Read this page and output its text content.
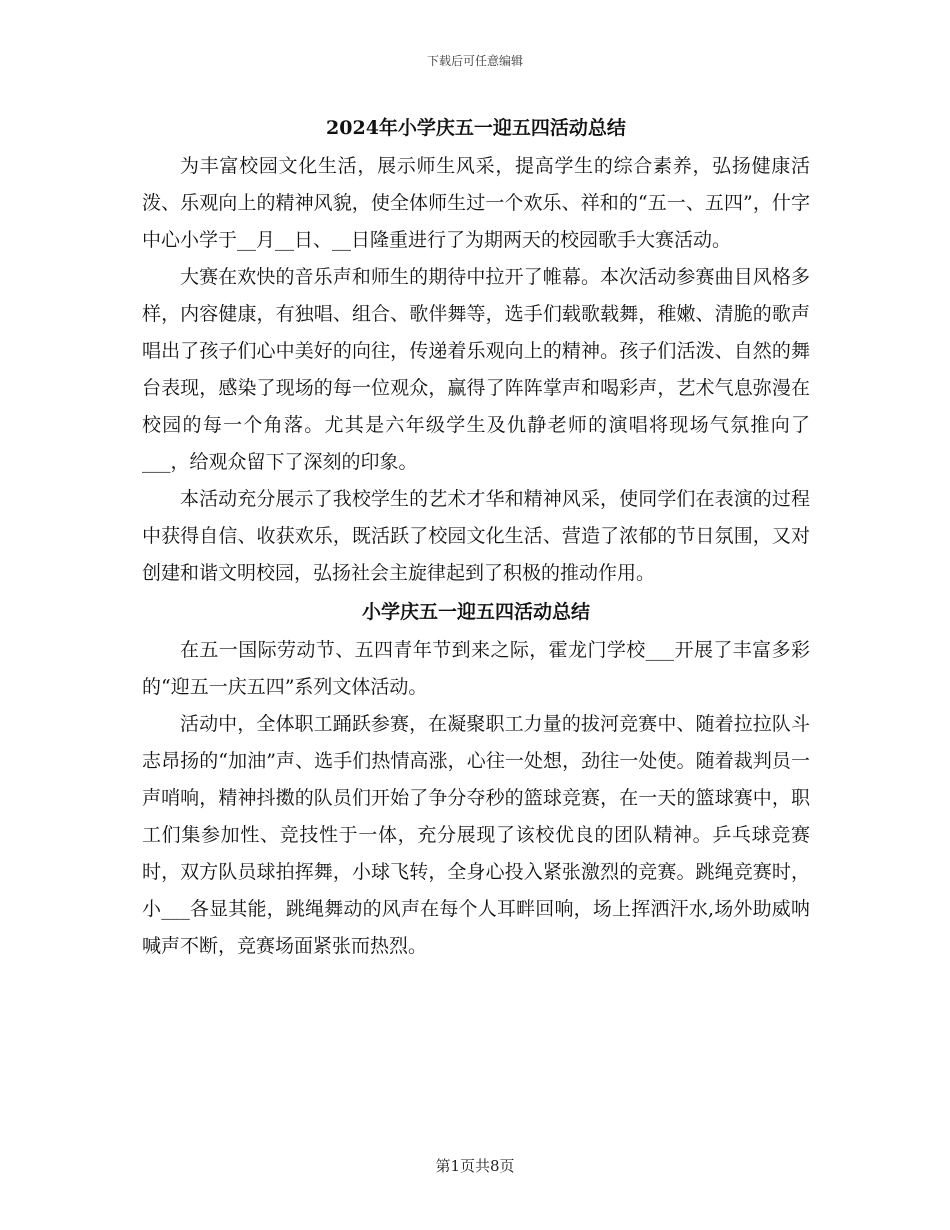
下载后可任意编辑
2024年小学庆五一迎五四活动总结

为丰富校园文化生活，展示师生风采，提高学生的综合素养，弘扬健康活泼、乐观向上的精神风貌，使全体师生过一个欢乐、祥和的“五一、五四”，什字中心小学于__月__日、__日隆重进行了为期两天的校园歌手大赛活动。

大赛在欢快的音乐声和师生的期待中拉开了帷幕。本次活动参赛曲目风格多样，内容健康，有独唱、组合、歌伴舞等，选手们载歌载舞，稚嫩、清脆的歌声唱出了孩子们心中美好的向往，传递着乐观向上的精神。孩子们活泼、自然的舞台表现，感染了现场的每一位观众，赢得了阵阵掌声和喝彩声，艺术气息弥漫在校园的每一个角落。尤其是六年级学生及仇静老师的演唱将现场气氛推向了___，给观众留下了深刻的印象。

本活动充分展示了我校学生的艺术才华和精神风采，使同学们在表演的过程中获得自信、收获欢乐，既活跃了校园文化生活、营造了浓郁的节日氛围，又对创建和谐文明校园，弘扬社会主旋律起到了积极的推动作用。

小学庆五一迎五四活动总结

在五一国际劳动节、五四青年节到来之际，霍龙门学校___开展了丰富多彩的“迎五一庆五四”系列文体活动。

活动中，全体职工踊跃参赛，在凝聚职工力量的拔河竞赛中、随着拉拉队斗志昂扬的“加油”声、选手们热情高涨，心往一处想，劲往一处使。随着裁判员一声哨响，精神抖擞的队员们开始了争分夺秒的篮球竞赛，在一天的篮球赛中，职工们集参加性、竞技性于一体，充分展现了该校优良的团队精神。乒乓球竞赛时，双方队员球拍挥舞，小球飞转，全身心投入紧张激烈的竞赛。跳绳竞赛时，小___各显其能，跳绳舞动的风声在每个人耳畔回响，场上挥洒汗水,场外助威呐喊声不断，竞赛场面紧张而热烈。

第1页共8页
